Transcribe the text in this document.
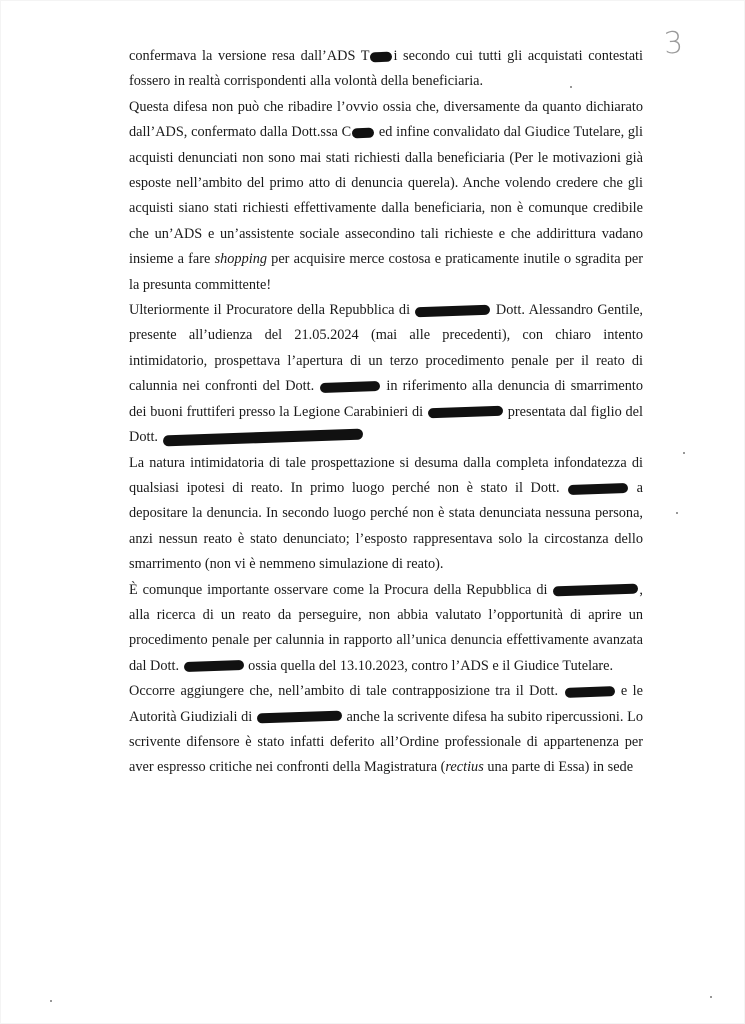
3

confermava la versione resa dall’ADS T i secondo cui tutti gli acquistati contestati fossero in realtà corrispondenti alla volontà della beneficiaria.

Questa difesa non può che ribadire l’ovvio ossia che, diversamente da quanto dichiarato dall’ADS, confermato dalla Dott.ssa C ed infine convalidato dal Giudice Tutelare, gli acquisti denunciati non sono mai stati richiesti dalla beneficiaria (Per le motivazioni già esposte nell’ambito del primo atto di denuncia querela). Anche volendo credere che gli acquisti siano stati richiesti effettivamente dalla beneficiaria, non è comunque credibile che un’ADS e un’assistente sociale assecondino tali richieste e che addirittura vadano insieme a fare shopping per acquisire merce costosa e praticamente inutile o sgradita per la presunta committente!

Ulteriormente il Procuratore della Repubblica di	Dott. Alessandro Gentile, presente all’udienza del 21.05.2024 (mai alle precedenti), con chiaro intento intimidatorio, prospettava l’apertura di un terzo procedimento penale per il reato di calunnia nei confronti del Dott.	in riferimento alla denuncia di smarrimento dei buoni fruttiferi presso la Legione Carabinieri di	presentata dal figlio del Dott.

La natura intimidatoria di tale prospettazione si desuma dalla completa infondatezza di qualsiasi ipotesi di reato. In primo luogo perché non è stato il Dott.	a depositare la denuncia. In secondo luogo perché non è stata denunciata nessuna persona, anzi nessun reato è stato denunciato; l’esposto rappresentava solo la circostanza dello smarrimento (non vi è nemmeno simulazione di reato).

È comunque importante osservare come la Procura della Repubblica di	, alla ricerca di un reato da perseguire, non abbia valutato l’opportunità di aprire un procedimento penale per calunnia in rapporto all’unica denuncia effettivamente avanzata dal Dott.	ossia quella del 13.10.2023, contro l’ADS e il Giudice Tutelare.

Occorre aggiungere che, nell’ambito di tale contrapposizione tra il Dott.	e le Autorità Giudiziali di	anche la scrivente difesa ha subito ripercussioni. Lo scrivente difensore è stato infatti deferito all’Ordine professionale di appartenenza per aver espresso critiche nei confronti della Magistratura (rectius una parte di Essa) in sede
